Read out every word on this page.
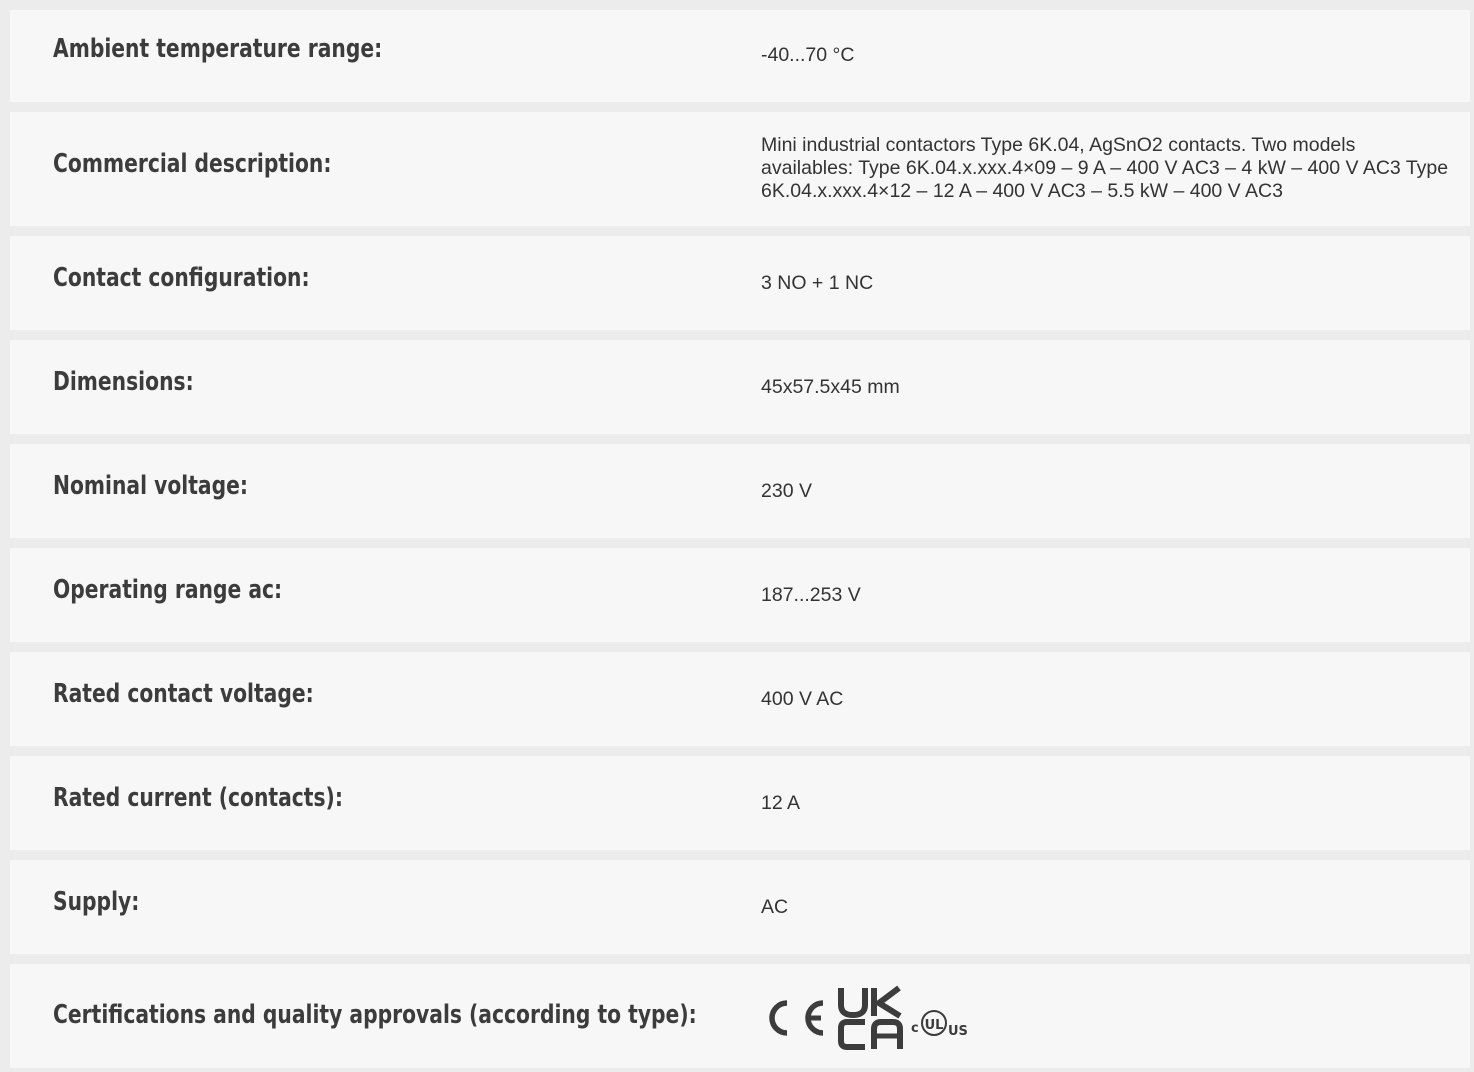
Ambient temperature range:	-40...70 °C
Commercial description:
Mini industrial contactors Type 6K.04, AgSnO2 contacts. Two models availables: Type 6K.04.x.xxx.4×09 – 9 A – 400 V AC3 – 4 kW – 400 V AC3 Type 6K.04.x.xxx.4×12 – 12 A – 400 V AC3 – 5.5 kW – 400 V AC3
Contact configuration:	3 NO + 1 NC
Dimensions:	45x57.5x45 mm
Nominal voltage:	230 V
Operating range ac:	187...253 V
Rated contact voltage:	400 V AC
Rated current (contacts):	12 A
Supply:	AC
Certifications and quality approvals (according to type):	c UL US
